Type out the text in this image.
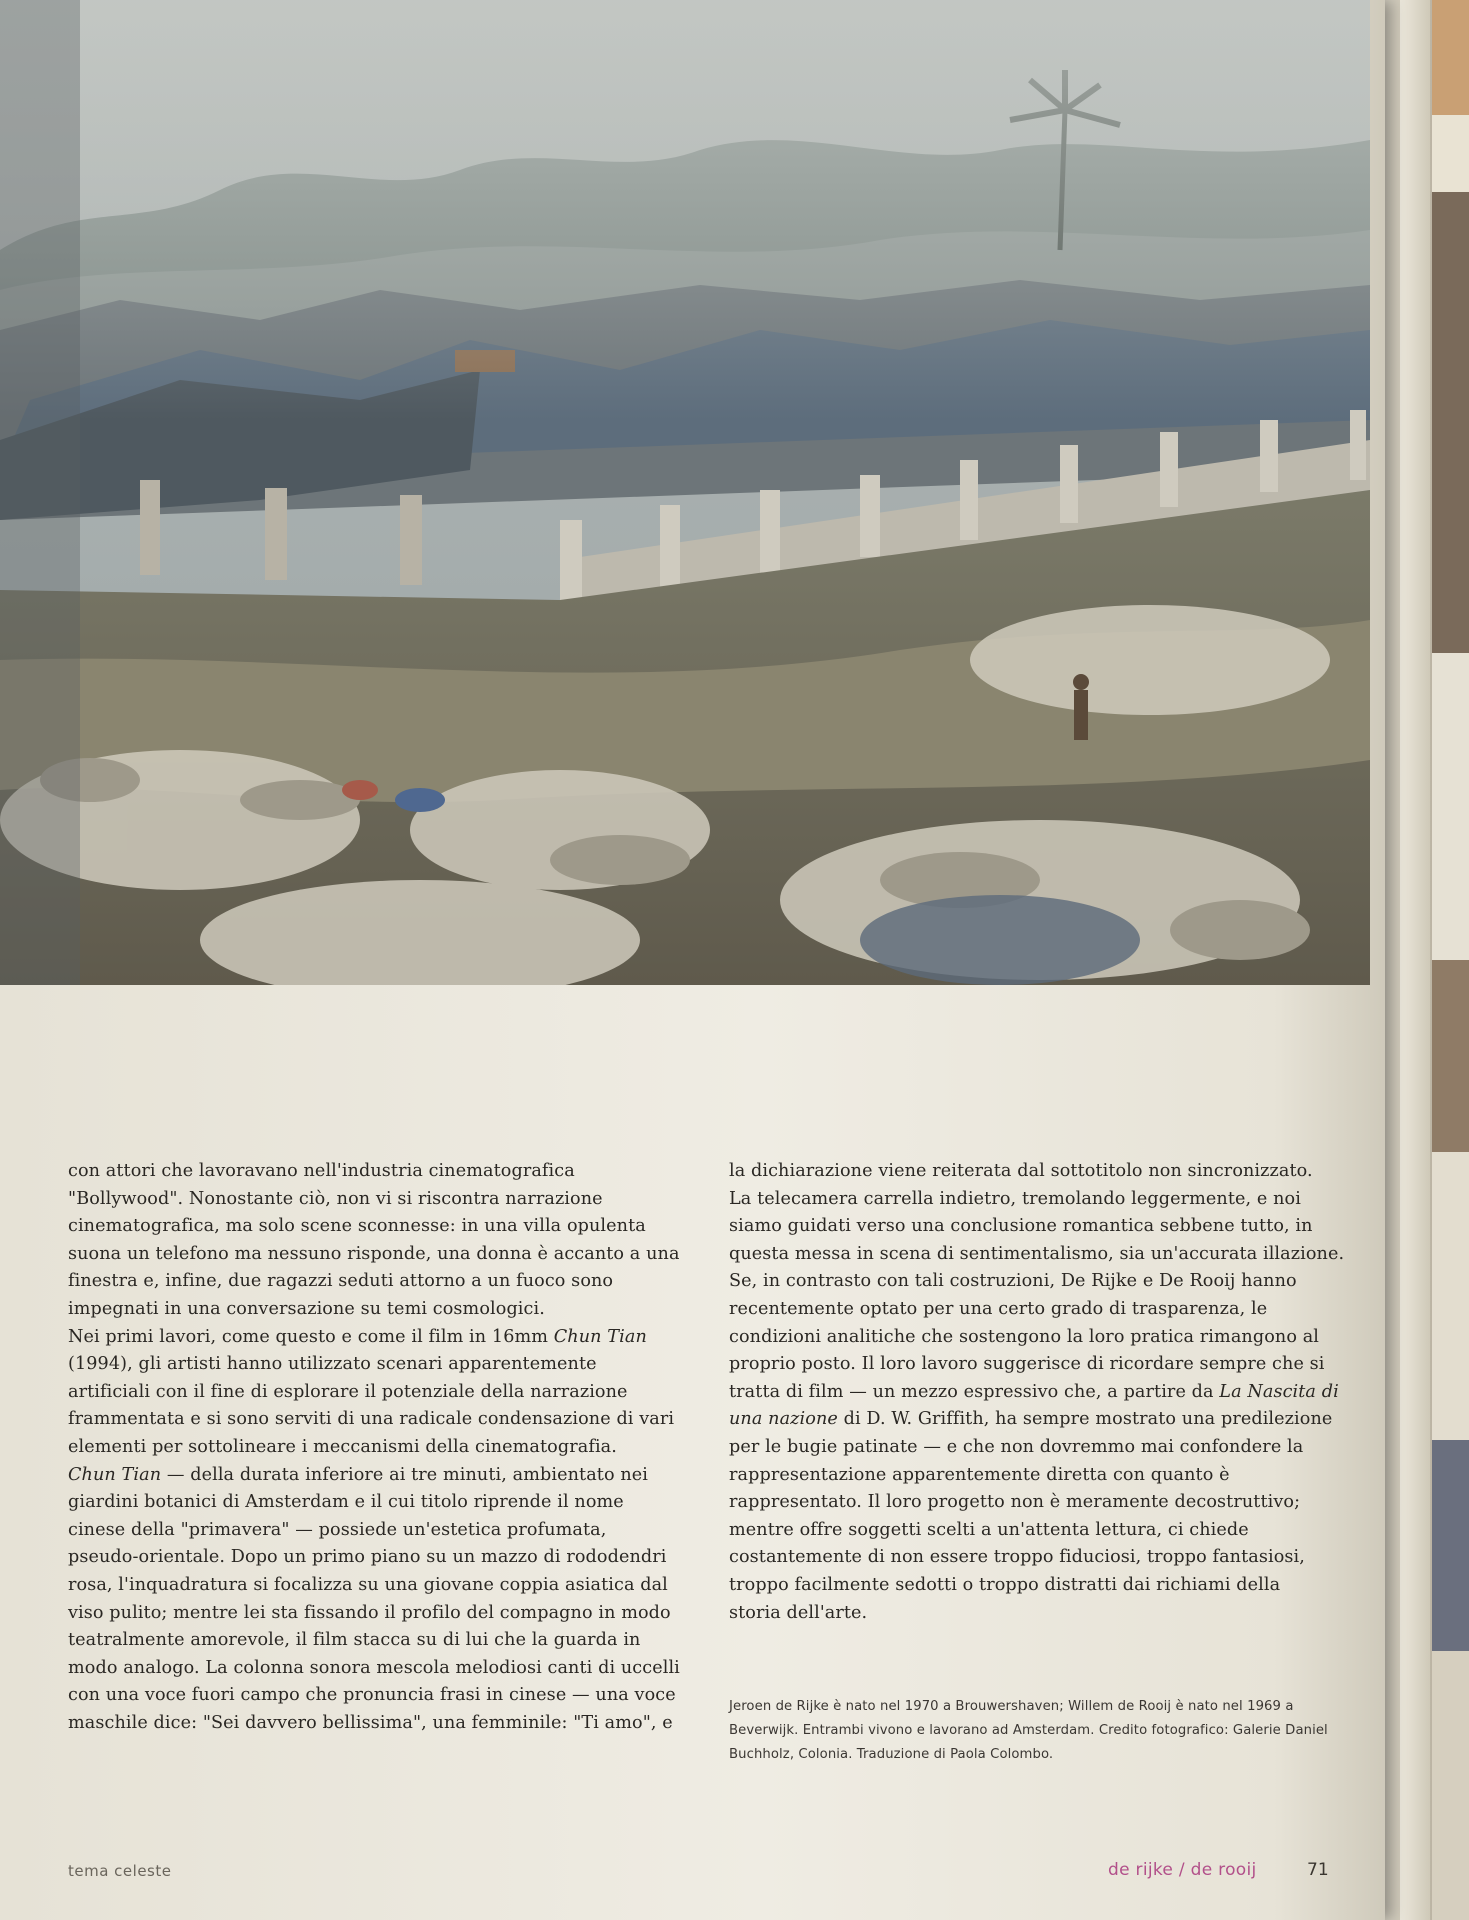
con attori che lavoravano nell'industria cinematografica

"Bollywood". Nonostante ciò, non vi si riscontra narrazione

cinematografica, ma solo scene sconnesse: in una villa opulenta

suona un telefono ma nessuno risponde, una donna è accanto a una

finestra e, infine, due ragazzi seduti attorno a un fuoco sono

impegnati in una conversazione su temi cosmologici.

Nei primi lavori, come questo e come il film in 16mm Chun Tian

(1994), gli artisti hanno utilizzato scenari apparentemente

artificiali con il fine di esplorare il potenziale della narrazione

frammentata e si sono serviti di una radicale condensazione di vari

elementi per sottolineare i meccanismi della cinematografia.

Chun Tian — della durata inferiore ai tre minuti, ambientato nei

giardini botanici di Amsterdam e il cui titolo riprende il nome

cinese della "primavera" — possiede un'estetica profumata,

pseudo-orientale. Dopo un primo piano su un mazzo di rododendri

rosa, l'inquadratura si focalizza su una giovane coppia asiatica dal

viso pulito; mentre lei sta fissando il profilo del compagno in modo

teatralmente amorevole, il film stacca su di lui che la guarda in

modo analogo. La colonna sonora mescola melodiosi canti di uccelli

con una voce fuori campo che pronuncia frasi in cinese — una voce

maschile dice: "Sei davvero bellissima", una femminile: "Ti amo", e

la dichiarazione viene reiterata dal sottotitolo non sincronizzato.

La telecamera carrella indietro, tremolando leggermente, e noi

siamo guidati verso una conclusione romantica sebbene tutto, in

questa messa in scena di sentimentalismo, sia un'accurata illazione.

Se, in contrasto con tali costruzioni, De Rijke e De Rooij hanno

recentemente optato per una certo grado di trasparenza, le

condizioni analitiche che sostengono la loro pratica rimangono al

proprio posto. Il loro lavoro suggerisce di ricordare sempre che si

tratta di film — un mezzo espressivo che, a partire da La Nascita di

una nazione di D. W. Griffith, ha sempre mostrato una predilezione

per le bugie patinate — e che non dovremmo mai confondere la

rappresentazione apparentemente diretta con quanto è

rappresentato. Il loro progetto non è meramente decostruttivo;

mentre offre soggetti scelti a un'attenta lettura, ci chiede

costantemente di non essere troppo fiduciosi, troppo fantasiosi,

troppo facilmente sedotti o troppo distratti dai richiami della

storia dell'arte.

Jeroen de Rijke è nato nel 1970 a Brouwershaven; Willem de Rooij è nato nel 1969 a

Beverwijk. Entrambi vivono e lavorano ad Amsterdam. Credito fotografico: Galerie Daniel

Buchholz, Colonia. Traduzione di Paola Colombo.

tema celeste	de rijke / de rooij	71
